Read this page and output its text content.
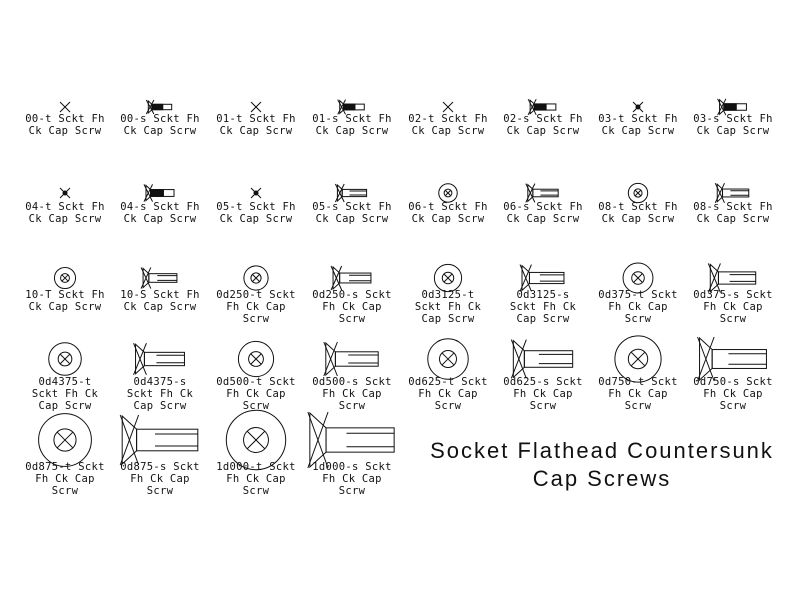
00-t Sckt Fh
Ck Cap Scrw
00-s Sckt Fh
Ck Cap Scrw
01-t Sckt Fh
Ck Cap Scrw
01-s Sckt Fh
Ck Cap Scrw
02-t Sckt Fh
Ck Cap Scrw
02-s Sckt Fh
Ck Cap Scrw
03-t Sckt Fh
Ck Cap Scrw
03-s Sckt Fh
Ck Cap Scrw
04-t Sckt Fh
Ck Cap Scrw
04-s Sckt Fh
Ck Cap Scrw
05-t Sckt Fh
Ck Cap Scrw
05-s Sckt Fh
Ck Cap Scrw
06-t Sckt Fh
Ck Cap Scrw
06-s Sckt Fh
Ck Cap Scrw
08-t Sckt Fh
Ck Cap Scrw
08-s Sckt Fh
Ck Cap Scrw
10-T Sckt Fh
Ck Cap Scrw
10-S Sckt Fh
Ck Cap Scrw
0d250-t Sckt
Fh Ck Cap
Scrw
0d250-s Sckt
Fh Ck Cap
Scrw
0d3125-t
Sckt Fh Ck
Cap Scrw
0d3125-s
Sckt Fh Ck
Cap Scrw
0d375-t Sckt
Fh Ck Cap
Scrw
0d375-s Sckt
Fh Ck Cap
Scrw
0d4375-t
Sckt Fh Ck
Cap Scrw
0d4375-s
Sckt Fh Ck
Cap Scrw
0d500-t Sckt
Fh Ck Cap
Scrw
0d500-s Sckt
Fh Ck Cap
Scrw
0d625-t Sckt
Fh Ck Cap
Scrw
0d625-s Sckt
Fh Ck Cap
Scrw
0d750-t Sckt
Fh Ck Cap
Scrw
0d750-s Sckt
Fh Ck Cap
Scrw
0d875-t Sckt
Fh Ck Cap
Scrw
0d875-s Sckt
Fh Ck Cap
Scrw
1d000-t Sckt
Fh Ck Cap
Scrw
1d000-s Sckt
Fh Ck Cap
Scrw
Socket Flathead Countersunk
Cap Screws
